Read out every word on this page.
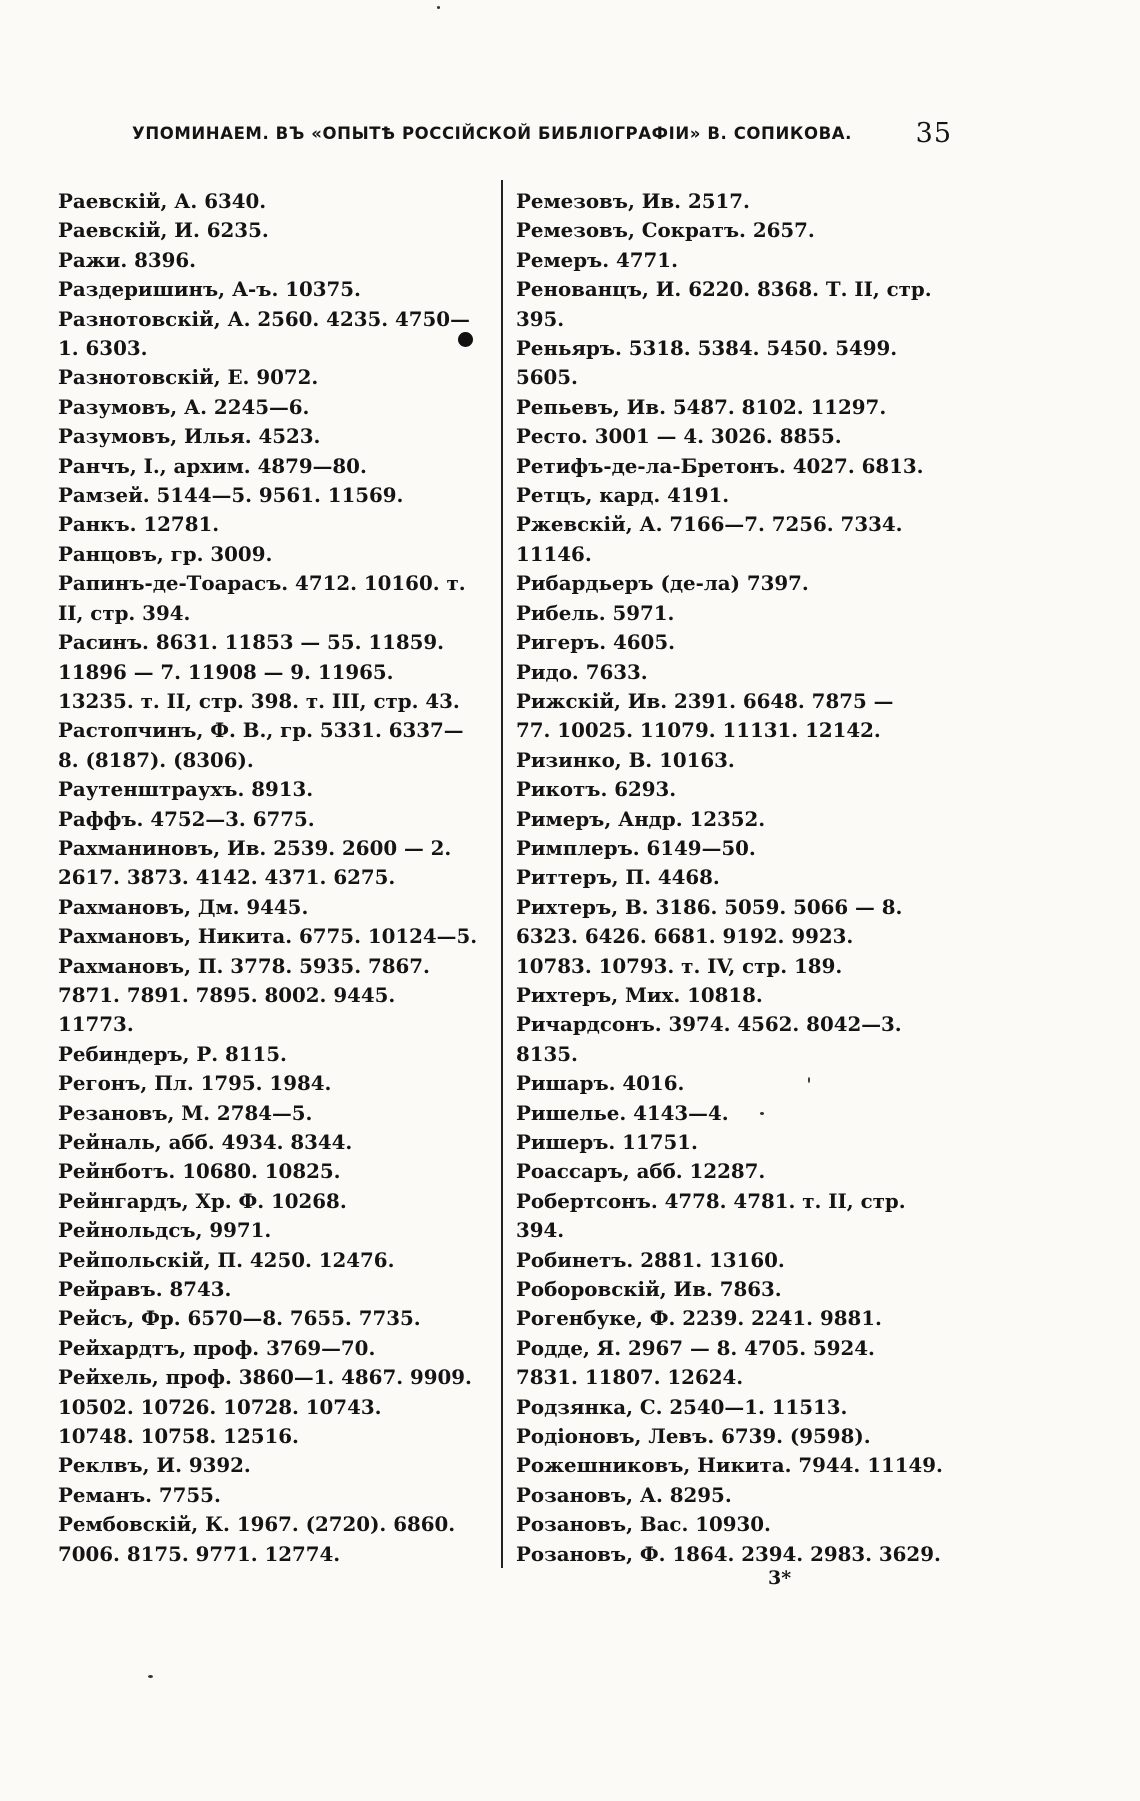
УПОМИНАЕМ. ВЪ «ОПЫТѢ РОССІЙСКОЙ БИБЛІОГРАФІИ» В. СОПИКОВА. 35
Раевскій, А. 6340.
Раевскій, И. 6235.
Ражи. 8396.
Раздеришинъ, А-ъ. 10375.
Разнотовскій, А. 2560. 4235. 4750—
1. 6303.
Разнотовскій, Е. 9072.
Разумовъ, А. 2245—6.
Разумовъ, Илья. 4523.
Ранчъ, І., архим. 4879—80.
Рамзей. 5144—5. 9561. 11569.
Ранкъ. 12781.
Ранцовъ, гр. 3009.
Рапинъ-де-Тоарасъ. 4712. 10160. т.
II, стр. 394.
Расинъ. 8631. 11853 — 55. 11859.
11896 — 7. 11908 — 9. 11965.
13235. т. II, стр. 398. т. III, стр. 43.
Растопчинъ, Ф. В., гр. 5331. 6337—
8. (8187). (8306).
Раутенштраухъ. 8913.
Раффъ. 4752—3. 6775.
Рахманиновъ, Ив. 2539. 2600 — 2.
2617. 3873. 4142. 4371. 6275.
Рахмановъ, Дм. 9445.
Рахмановъ, Никита. 6775. 10124—5.
Рахмановъ, П. 3778. 5935. 7867.
7871. 7891. 7895. 8002. 9445.
11773.
Ребиндеръ, Р. 8115.
Регонъ, Пл. 1795. 1984.
Резановъ, М. 2784—5.
Рейналь, абб. 4934. 8344.
Рейнботъ. 10680. 10825.
Рейнгардъ, Хр. Ф. 10268.
Рейнольдсъ, 9971.
Рейпольскій, П. 4250. 12476.
Рейравъ. 8743.
Рейсъ, Фр. 6570—8. 7655. 7735.
Рейхардтъ, проф. 3769—70.
Рейхель, проф. 3860—1. 4867. 9909.
10502. 10726. 10728. 10743.
10748. 10758. 12516.
Реклвъ, И. 9392.
Реманъ. 7755.
Рембовскій, К. 1967. (2720). 6860.
7006. 8175. 9771. 12774.
Ремезовъ, Ив. 2517.
Ремезовъ, Сократъ. 2657.
Ремеръ. 4771.
Ренованцъ, И. 6220. 8368. Т. II, стр.
395.
Реньяръ. 5318. 5384. 5450. 5499.
5605.
Репьевъ, Ив. 5487. 8102. 11297.
Ресто. 3001 — 4. 3026. 8855.
Ретифъ-де-ла-Бретонъ. 4027. 6813.
Ретцъ, кард. 4191.
Ржевскій, А. 7166—7. 7256. 7334.
11146.
Рибардьеръ (де-ла) 7397.
Рибель. 5971.
Ригеръ. 4605.
Ридо. 7633.
Рижскій, Ив. 2391. 6648. 7875 —
77. 10025. 11079. 11131. 12142.
Ризинко, В. 10163.
Рикотъ. 6293.
Римеръ, Андр. 12352.
Римплеръ. 6149—50.
Риттеръ, П. 4468.
Рихтеръ, В. 3186. 5059. 5066 — 8.
6323. 6426. 6681. 9192. 9923.
10783. 10793. т. IV, стр. 189.
Рихтеръ, Мих. 10818.
Ричардсонъ. 3974. 4562. 8042—3.
8135.
Ришаръ. 4016.
Ришелье. 4143—4.
Ришеръ. 11751.
Роассаръ, абб. 12287.
Робертсонъ. 4778. 4781. т. II, стр.
394.
Робинетъ. 2881. 13160.
Роборовскій, Ив. 7863.
Рогенбуке, Ф. 2239. 2241. 9881.
Родде, Я. 2967 — 8. 4705. 5924.
7831. 11807. 12624.
Родзянка, С. 2540—1. 11513.
Родіоновъ, Левъ. 6739. (9598).
Рожешниковъ, Никита. 7944. 11149.
Розановъ, А. 8295.
Розановъ, Вас. 10930.
Розановъ, Ф. 1864. 2394. 2983. 3629.
3*
